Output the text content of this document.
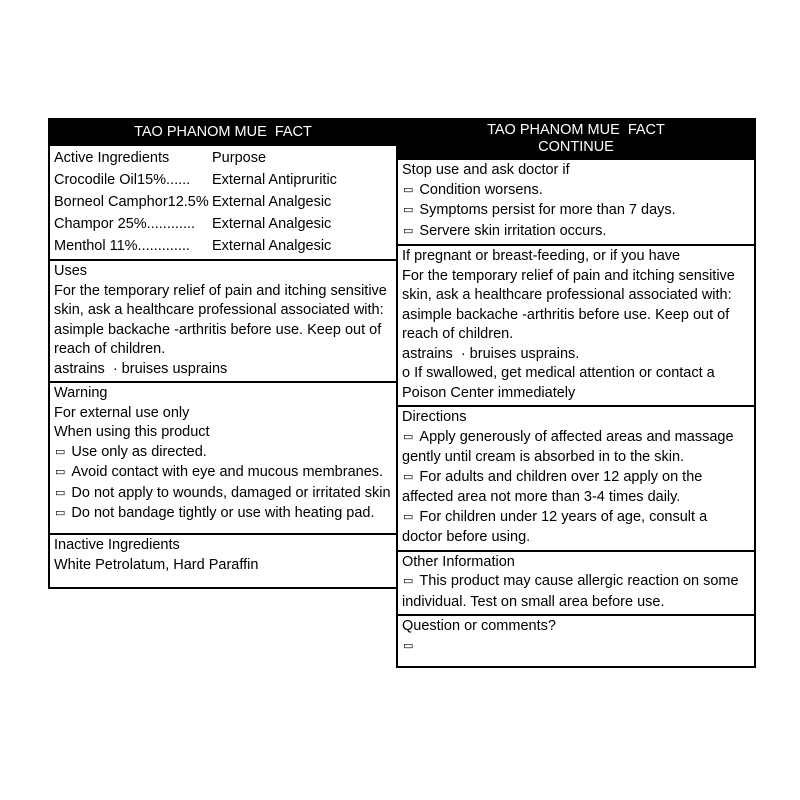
TAO PHANOM MUE  FACT
Active Ingredients	Purpose
Crocodile Oil15%......	External Antipruritic
Borneol Camphor12.5% External Analgesic
Champor 25%............	External Analgesic
Menthol 11%.............	External Analgesic
Uses
For the temporary relief of pain and itching sensitive skin, ask a healthcare professional associated with: asimple backache -arthritis before use. Keep out of reach of children.
astrains  · bruises usprains
Warning
For external use only
When using this product
▭ Use only as directed.
▭ Avoid contact with eye and mucous membranes.
▭ Do not apply to wounds, damaged or irritated skin
▭ Do not bandage tightly or use with heating pad.
Inactive Ingredients
White Petrolatum, Hard Paraffin
TAO PHANOM MUE  FACT
CONTINUE
Stop use and ask doctor if
▭ Condition worsens.
▭ Symptoms persist for more than 7 days.
▭ Servere skin irritation occurs.
If pregnant or breast-feeding, or if you have
For the temporary relief of pain and itching sensitive skin, ask a healthcare professional associated with: asimple backache -arthritis before use. Keep out of reach of children.
astrains  · bruises usprains.
o If swallowed, get medical attention or contact a Poison Center immediately
Directions
▭ Apply generously of affected areas and massage gently until cream is absorbed in to the skin.
▭ For adults and children over 12 apply on the affected area not more than 3-4 times daily.
▭ For children under 12 years of age, consult a doctor before using.
Other Information
▭ This product may cause allergic reaction on some individual. Test on small area before use.
Question or comments?
▭
